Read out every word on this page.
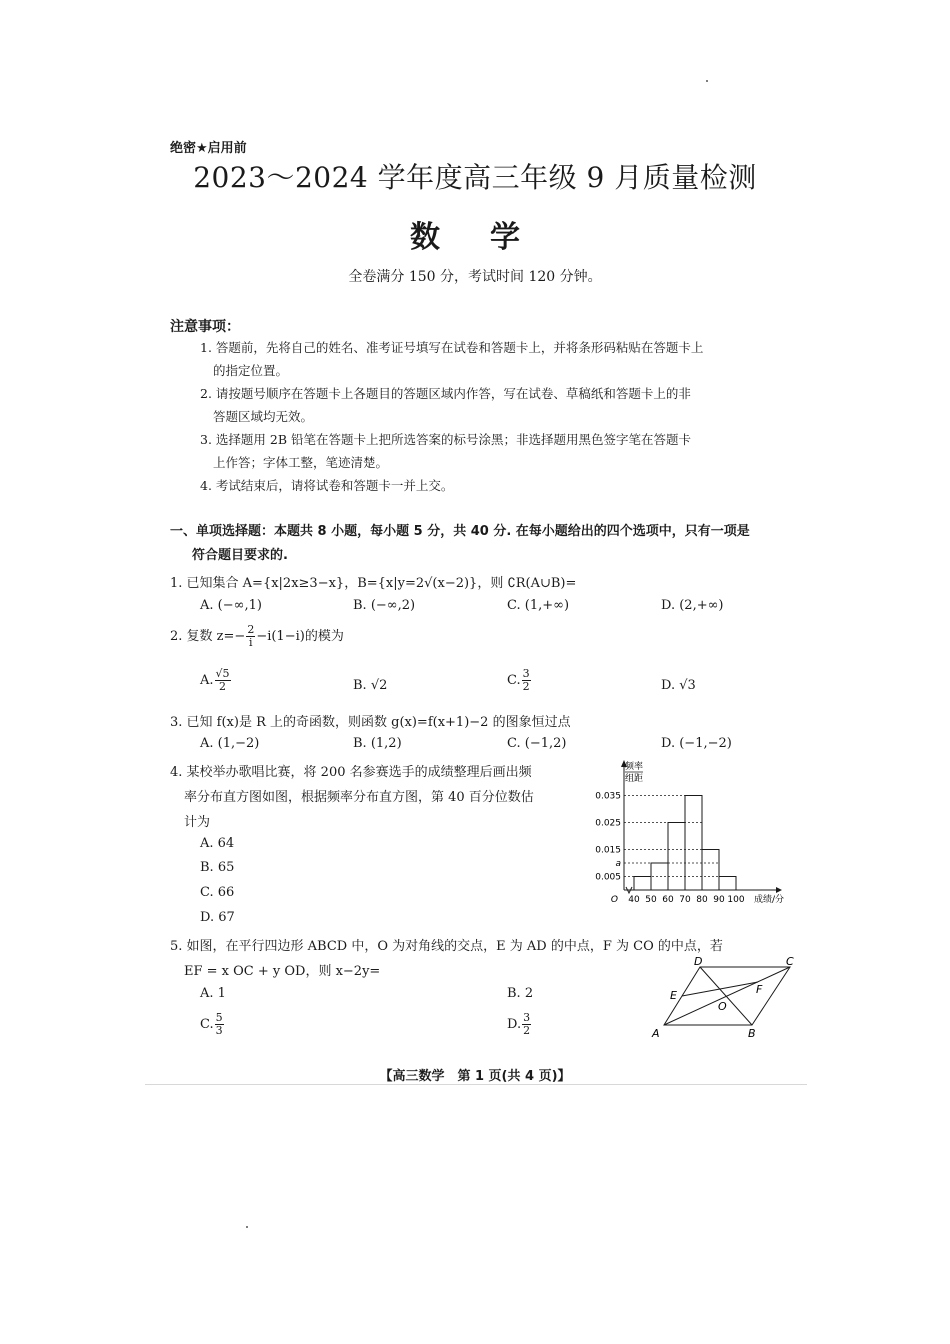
绝密★启用前
2023～2024 学年度高三年级 9 月质量检测
数学
全卷满分 150 分，考试时间 120 分钟。
注意事项：
1. 答题前，先将自己的姓名、准考证号填写在试卷和答题卡上，并将条形码粘贴在答题卡上
的指定位置。
2. 请按题号顺序在答题卡上各题目的答题区域内作答，写在试卷、草稿纸和答题卡上的非
答题区域均无效。
3. 选择题用 2B 铅笔在答题卡上把所选答案的标号涂黑；非选择题用黑色签字笔在答题卡
上作答；字体工整，笔迹清楚。
4. 考试结束后，请将试卷和答题卡一并上交。
一、单项选择题：本题共 8 小题，每小题 5 分，共 40 分. 在每小题给出的四个选项中，只有一项是
符合题目要求的.
1. 已知集合 A={x|2x≥3−x}，B={x|y=2√(x−2)}，则 ∁R(A∪B)=
A. (−∞,1)	B. (−∞,2)	C. (1,+∞)	D. (2,+∞)
2. 复数 $z=- \frac{2}{i} -i(1-i)$的模为
A. $\frac{√5}{2}$	B. √2	C. $\frac{3}{2}$	D. √3
3. 已知 f(x)是 R 上的奇函数，则函数 g(x)=f(x+1)−2 的图象恒过点
A. (1,−2)	B. (1,2)	C. (−1,2)	D. (−1,−2)
4. 某校举办歌唱比赛，将 200 名参赛选手的成绩整理后画出频
率分布直方图如图，根据频率分布直方图，第 40 百分位数估
计为
A. 64
B. 65
C. 66
D. 67
0.035
0.025
0.015
a
0.005
40 50 60 70 80 90 100 成绩/分
O
频率
组距
5. 如图，在平行四边形 ABCD 中，O 为对角线的交点，E 为 AD 的中点，F 为 CO 的中点，若
EF = x OC + y OD，则 x−2y=
A. 1	B. 2
C. $\frac{5}{3}$	D. $\frac{3}{2}$	A	B
C
D
E	F
O
【高三数学　第 1 页(共 4 页)】
